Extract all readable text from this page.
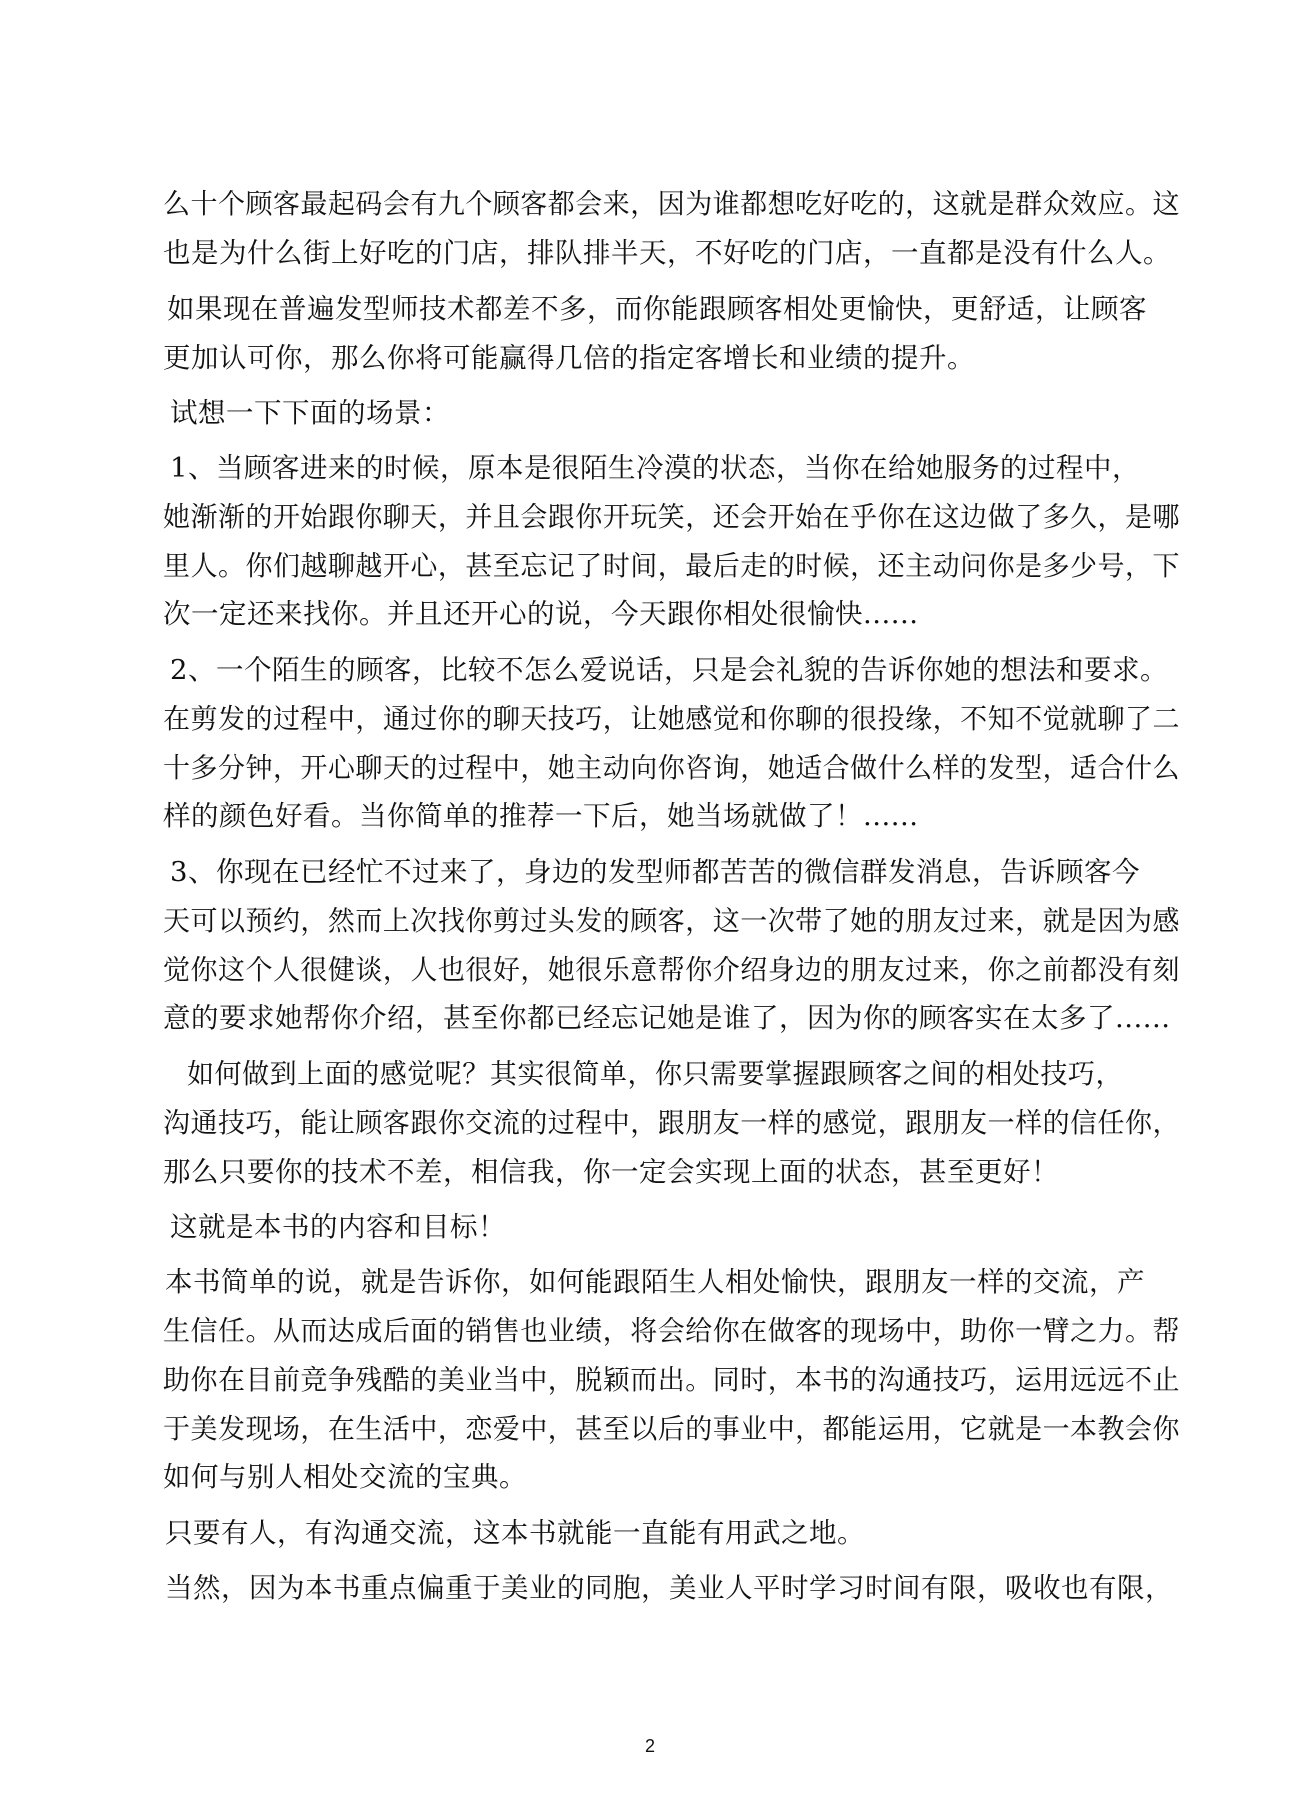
么十个顾客最起码会有九个顾客都会来，因为谁都想吃好吃的，这就是群众效应。这
也是为什么街上好吃的门店，排队排半天，不好吃的门店，一直都是没有什么人。
如果现在普遍发型师技术都差不多，而你能跟顾客相处更愉快，更舒适，让顾客
更加认可你，那么你将可能赢得几倍的指定客增长和业绩的提升。
试想一下下面的场景：
1、当顾客进来的时候，原本是很陌生冷漠的状态，当你在给她服务的过程中，
她渐渐的开始跟你聊天，并且会跟你开玩笑，还会开始在乎你在这边做了多久，是哪
里人。你们越聊越开心，甚至忘记了时间，最后走的时候，还主动问你是多少号，下
次一定还来找你。并且还开心的说，今天跟你相处很愉快......
2、一个陌生的顾客，比较不怎么爱说话，只是会礼貌的告诉你她的想法和要求。
在剪发的过程中，通过你的聊天技巧，让她感觉和你聊的很投缘，不知不觉就聊了二
十多分钟，开心聊天的过程中，她主动向你咨询，她适合做什么样的发型，适合什么
样的颜色好看。当你简单的推荐一下后，她当场就做了！......
3、你现在已经忙不过来了，身边的发型师都苦苦的微信群发消息，告诉顾客今
天可以预约，然而上次找你剪过头发的顾客，这一次带了她的朋友过来，就是因为感
觉你这个人很健谈，人也很好，她很乐意帮你介绍身边的朋友过来，你之前都没有刻
意的要求她帮你介绍，甚至你都已经忘记她是谁了，因为你的顾客实在太多了......
如何做到上面的感觉呢？其实很简单，你只需要掌握跟顾客之间的相处技巧，
沟通技巧，能让顾客跟你交流的过程中，跟朋友一样的感觉，跟朋友一样的信任你，
那么只要你的技术不差，相信我，你一定会实现上面的状态，甚至更好！
这就是本书的内容和目标！
本书简单的说，就是告诉你，如何能跟陌生人相处愉快，跟朋友一样的交流，产
生信任。从而达成后面的销售也业绩，将会给你在做客的现场中，助你一臂之力。帮
助你在目前竞争残酷的美业当中，脱颖而出。同时，本书的沟通技巧，运用远远不止
于美发现场，在生活中，恋爱中，甚至以后的事业中，都能运用，它就是一本教会你
如何与别人相处交流的宝典。
只要有人，有沟通交流，这本书就能一直能有用武之地。
当然，因为本书重点偏重于美业的同胞，美业人平时学习时间有限，吸收也有限，
2
